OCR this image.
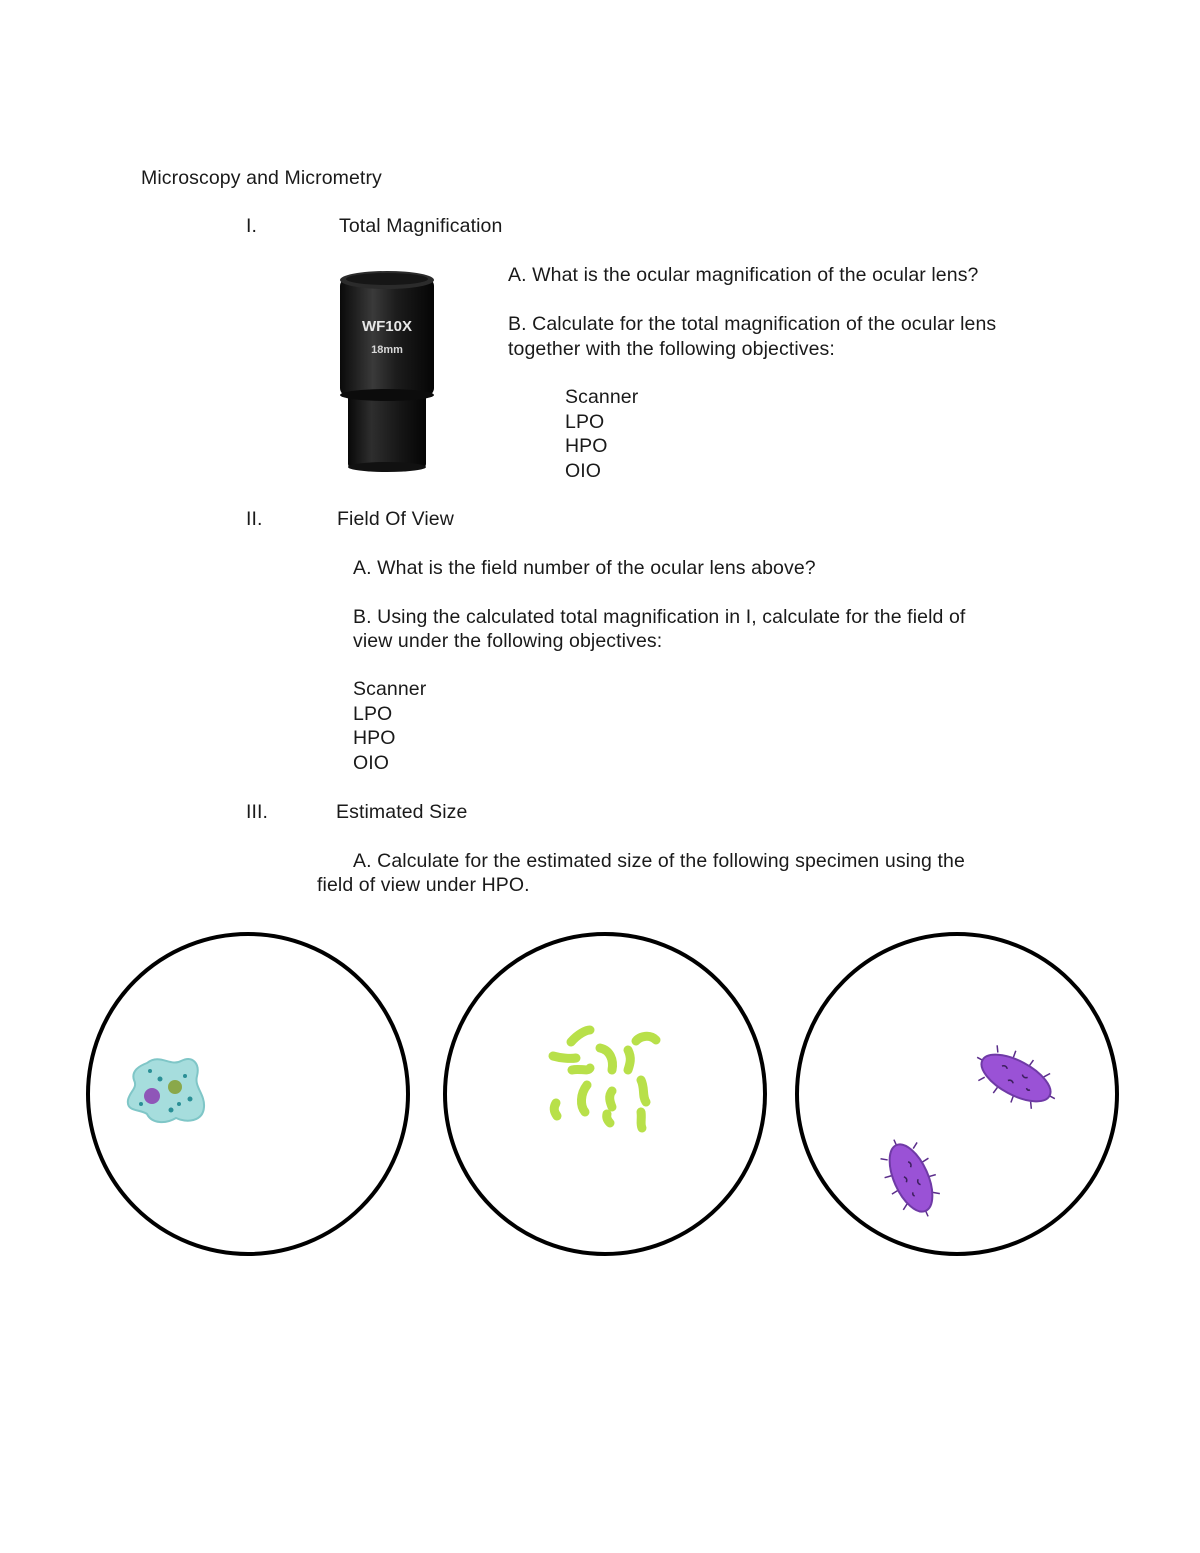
Microscopy and Micrometry
I.	Total Magnification
WF10X
18mm
A. What is the ocular magnification of the ocular lens?
B. Calculate for the total magnification of the ocular lens
together with the following objectives:
Scanner
LPO
HPO
OIO
II.	Field Of View
A. What is the field number of the ocular lens above?
B. Using the calculated total magnification in I, calculate for the field of
view under the following objectives:
Scanner
LPO
HPO
OIO
III.	Estimated Size
A. Calculate for the estimated size of the following specimen using the
field of view under HPO.
